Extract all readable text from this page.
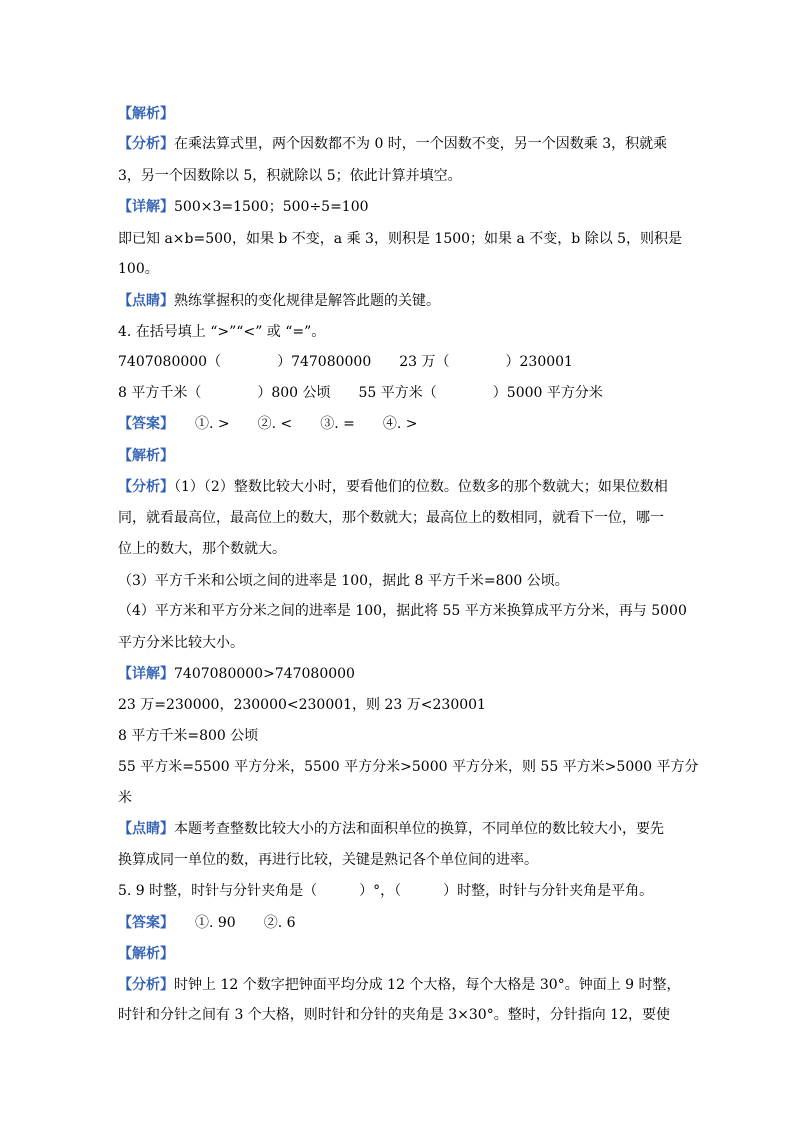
【解析】
【分析】在乘法算式里，两个因数都不为 0 时，一个因数不变，另一个因数乘 3，积就乘
3，另一个因数除以 5，积就除以 5；依此计算并填空。
【详解】500×3=1500；500÷5=100
即已知 a×b=500，如果 b 不变，a 乘 3，则积是 1500；如果 a 不变，b 除以 5，则积是
100。
【点睛】熟练掌握积的变化规律是解答此题的关键。
4. 在括号填上 “>”“<” 或 “=”。
7407080000（　　　　）747080000　　23 万（　　　　）230001
8 平方千米（　　　　）800 公顷　　55 平方米（　　　　）5000 平方分米
【答案】　　①. >　　②. <　　③. =　　④. >
【解析】
【分析】（1）（2）整数比较大小时，要看他们的位数。位数多的那个数就大；如果位数相
同，就看最高位，最高位上的数大，那个数就大；最高位上的数相同，就看下一位，哪一
位上的数大，那个数就大。
（3）平方千米和公顷之间的进率是 100，据此 8 平方千米=800 公顷。
（4）平方米和平方分米之间的进率是 100，据此将 55 平方米换算成平方分米，再与 5000
平方分米比较大小。
【详解】7407080000>747080000
23 万=230000，230000<230001，则 23 万<230001
8 平方千米=800 公顷
55 平方米=5500 平方分米，5500 平方分米>5000 平方分米，则 55 平方米>5000 平方分
米
【点睛】本题考查整数比较大小的方法和面积单位的换算，不同单位的数比较大小，要先
换算成同一单位的数，再进行比较，关键是熟记各个单位间的进率。
5. 9 时整，时针与分针夹角是（　　　）°，（　　　）时整，时针与分针夹角是平角。
【答案】　　①. 90　　②. 6
【解析】
【分析】时钟上 12 个数字把钟面平均分成 12 个大格，每个大格是 30°。钟面上 9 时整，
时针和分针之间有 3 个大格，则时针和分针的夹角是 3×30°。整时，分针指向 12，要使
